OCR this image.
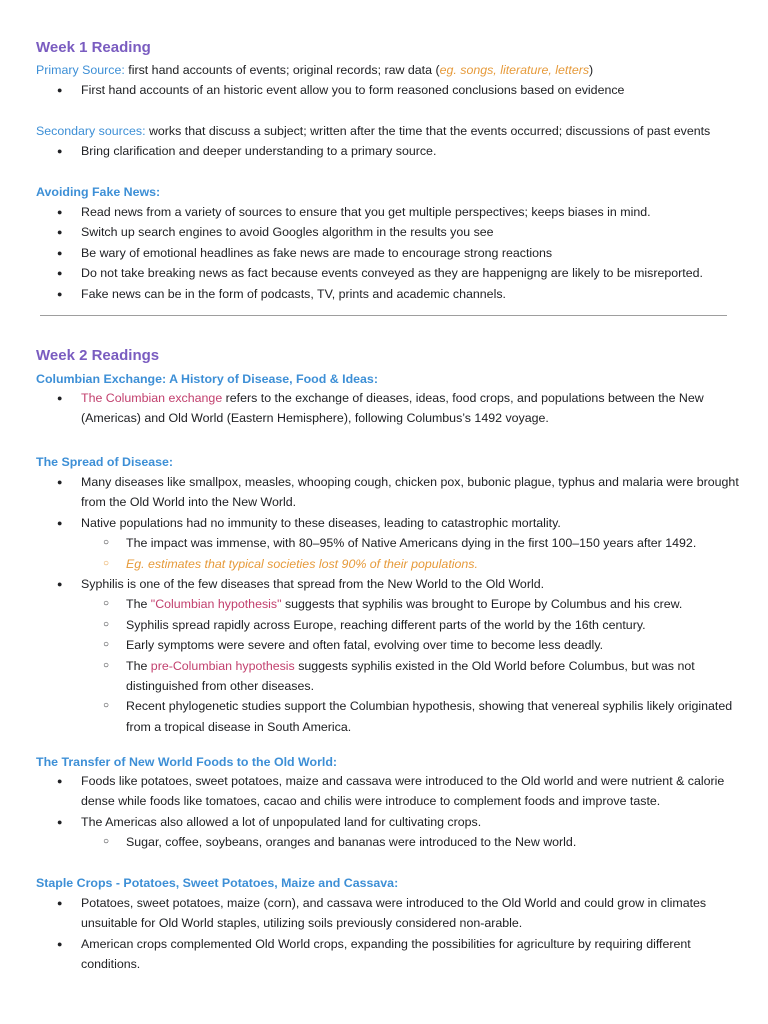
Week 1 Reading
Primary Source: first hand accounts of events; original records; raw data (eg. songs, literature, letters)
● First hand accounts of an historic event allow you to form reasoned conclusions based on evidence
Secondary sources: works that discuss a subject; written after the time that the events occurred; discussions of past events
● Bring clarification and deeper understanding to a primary source.
Avoiding Fake News:
● Read news from a variety of sources to ensure that you get multiple perspectives; keeps biases in mind.
● Switch up search engines to avoid Googles algorithm in the results you see
● Be wary of emotional headlines as fake news are made to encourage strong reactions
● Do not take breaking news as fact because events conveyed as they are happenigng are likely to be misreported.
● Fake news can be in the form of podcasts, TV, prints and academic channels.
Week 2 Readings
Columbian Exchange: A History of Disease, Food & Ideas:
● The Columbian exchange refers to the exchange of dieases, ideas, food crops, and populations between the New (Americas) and Old World (Eastern Hemisphere), following Columbus’s 1492 voyage.
The Spread of Disease:
● Many diseases like smallpox, measles, whooping cough, chicken pox, bubonic plague, typhus and malaria were brought from the Old World into the New World.
● Native populations had no immunity to these diseases, leading to catastrophic mortality.
○ The impact was immense, with 80–95% of Native Americans dying in the first 100–150 years after 1492.
○ Eg. estimates that typical societies lost 90% of their populations.
● Syphilis is one of the few diseases that spread from the New World to the Old World.
○ The "Columbian hypothesis" suggests that syphilis was brought to Europe by Columbus and his crew.
○ Syphilis spread rapidly across Europe, reaching different parts of the world by the 16th century.
○ Early symptoms were severe and often fatal, evolving over time to become less deadly.
○ The pre-Columbian hypothesis suggests syphilis existed in the Old World before Columbus, but was not distinguished from other diseases.
○ Recent phylogenetic studies support the Columbian hypothesis, showing that venereal syphilis likely originated from a tropical disease in South America.
The Transfer of New World Foods to the Old World:
● Foods like potatoes, sweet potatoes, maize and cassava were introduced to the Old world and were nutrient & calorie dense while foods like tomatoes, cacao and chilis were introduce to complement foods and improve taste.
● The Americas also allowed a lot of unpopulated land for cultivating crops.
○ Sugar, coffee, soybeans, oranges and bananas were introduced to the New world.
Staple Crops - Potatoes, Sweet Potatoes, Maize and Cassava:
● Potatoes, sweet potatoes, maize (corn), and cassava were introduced to the Old World and could grow in climates unsuitable for Old World staples, utilizing soils previously considered non-arable.
● American crops complemented Old World crops, expanding the possibilities for agriculture by requiring different conditions.
